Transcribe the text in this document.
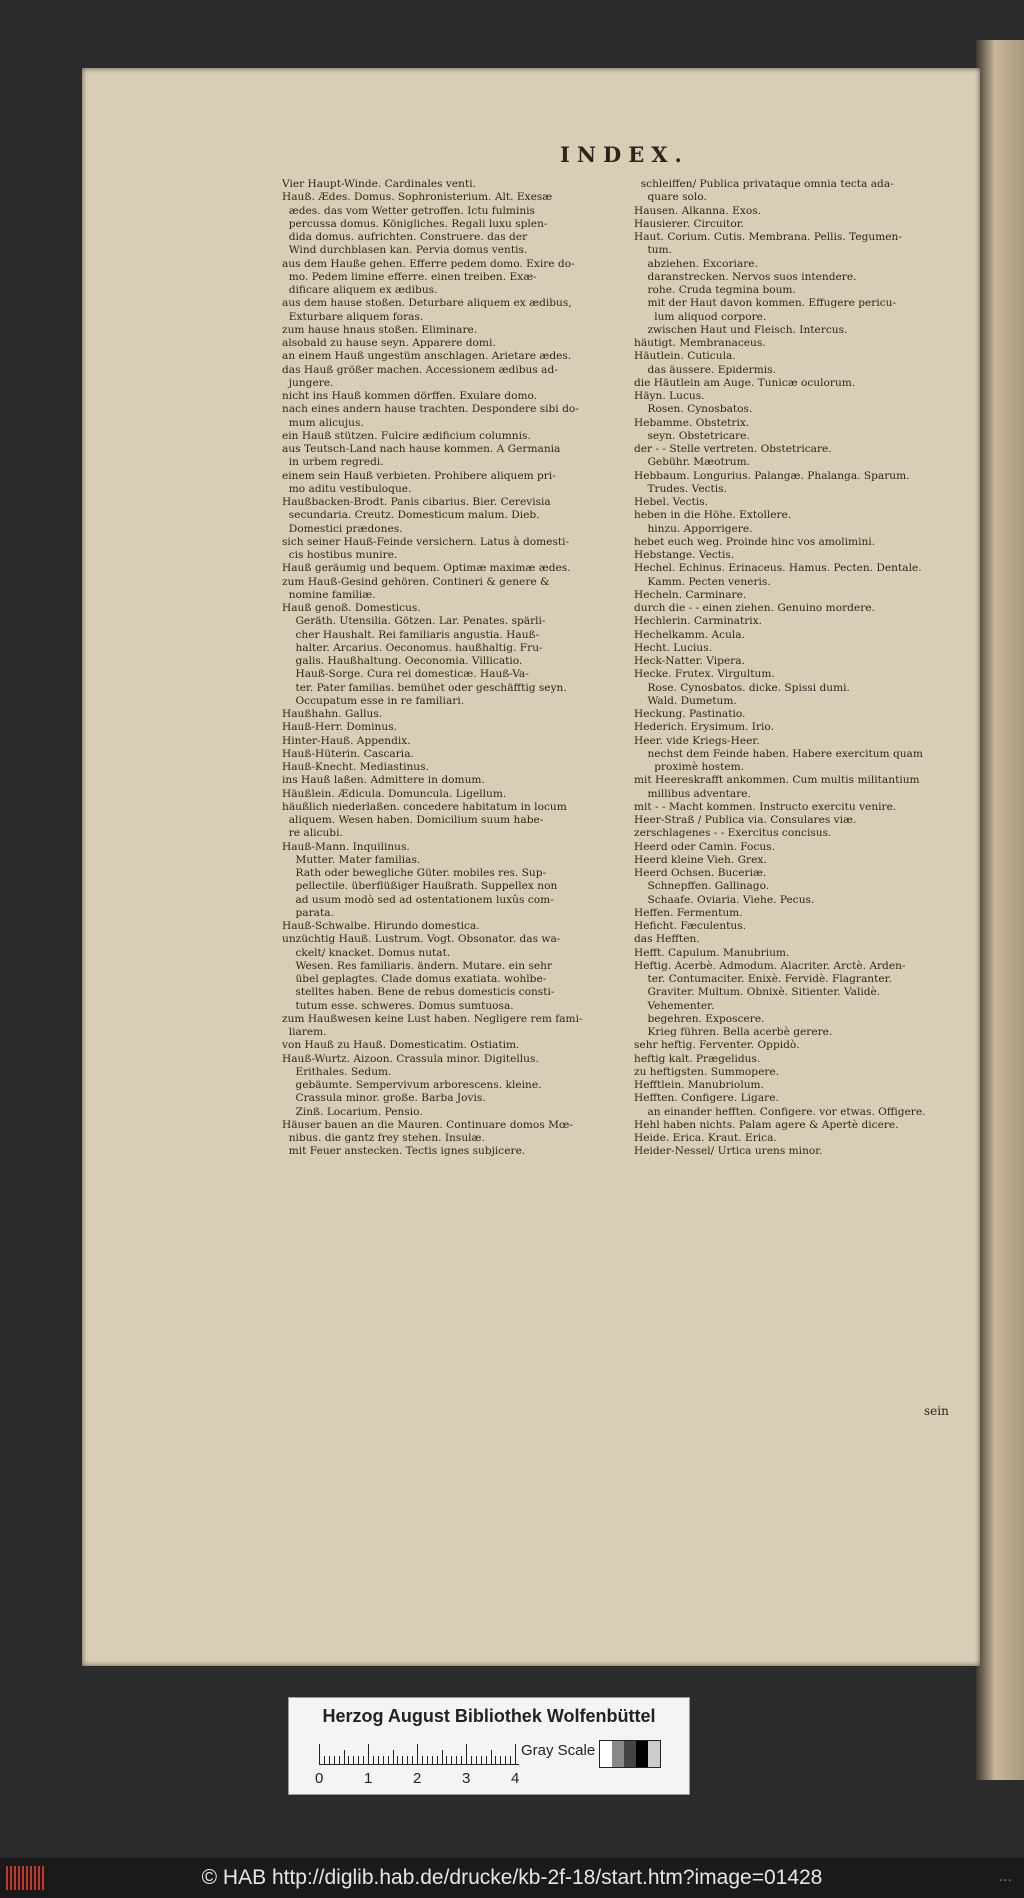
INDEX.
Vier Haupt-Winde. Cardinales venti.
Hauß. Ædes. Domus. Sophronisterium. Alt. Exesæ
ædes. das vom Wetter getroffen. Ictu fulminis
percussa domus. Königliches. Regali luxu splen-
dida domus. aufrichten. Construere. das der
Wind durchblasen kan. Pervia domus ventis.
aus dem Hauße gehen. Efferre pedem domo. Exire do-
mo. Pedem limine efferre. einen treiben. Exæ-
dificare aliquem ex ædibus.
aus dem hause stoßen. Deturbare aliquem ex ædibus,
Exturbare aliquem foras.
zum hause hnaus stoßen. Eliminare.
alsobald zu hause seyn. Apparere domi.
an einem Hauß ungestüm anschlagen. Arietare ædes.
das Hauß größer machen. Accessionem ædibus ad-
jungere.
nicht ins Hauß kommen dörffen. Exulare domo.
nach eines andern hause trachten. Despondere sibi do-
mum alicujus.
ein Hauß stützen. Fulcire ædificium columnis.
aus Teutsch-Land nach hause kommen. A Germania
in urbem regredi.
einem sein Hauß verbieten. Prohibere aliquem pri-
mo aditu vestibuloque.
Haußbacken-Brodt. Panis cibarius. Bier. Cerevisia
secundaria. Creutz. Domesticum malum. Dieb.
Domestici prædones.
sich seiner Hauß-Feinde versichern. Latus à domesti-
cis hostibus munire.
Hauß geräumig und bequem. Optimæ maximæ ædes.
zum Hauß-Gesind gehören. Contineri & genere &
nomine familiæ.
Hauß genoß. Domesticus.
Geräth. Utensilia. Götzen. Lar. Penates. spärli-
cher Haushalt. Rei familiaris angustia. Hauß-
halter. Arcarius. Oeconomus. haußhaltig. Fru-
galis. Haußhaltung. Oeconomia. Villicatio.
Hauß-Sorge. Cura rei domesticæ. Hauß-Va-
ter. Pater familias. bemühet oder geschäfftig seyn.
Occupatum esse in re familiari.
Haußhahn. Gallus.
Hauß-Herr. Dominus.
Hinter-Hauß. Appendix.
Hauß-Hüterin. Cascaria.
Hauß-Knecht. Mediastinus.
ins Hauß laßen. Admittere in domum.
Häußlein. Ædicula. Domuncula. Ligellum.
häußlich niederlaßen. concedere habitatum in locum
aliquem. Wesen haben. Domicilium suum habe-
re alicubi.
Hauß-Mann. Inquilinus.
Mutter. Mater familias.
Rath oder bewegliche Güter. mobiles res. Sup-
pellectile. überflüßiger Haußrath. Suppellex non
ad usum modò sed ad ostentationem luxûs com-
parata.
Hauß-Schwalbe. Hirundo domestica.
unzüchtig Hauß. Lustrum. Vogt. Obsonator. das wa-
ckelt/ knacket. Domus nutat.
Wesen. Res familiaris. ändern. Mutare. ein sehr
übel geplagtes. Clade domus exatiata. wohlbe-
stelltes haben. Bene de rebus domesticis consti-
tutum esse. schweres. Domus sumtuosa.
zum Haußwesen keine Lust haben. Negligere rem fami-
liarem.
von Hauß zu Hauß. Domesticatim. Ostiatim.
Hauß-Wurtz. Aizoon. Crassula minor. Digitellus.
Erithales. Sedum.
gebäumte. Sempervivum arborescens. kleine.
Crassula minor. große. Barba Jovis.
Zinß. Locarium. Pensio.
Häuser bauen an die Mauren. Continuare domos Mœ-
nibus. die gantz frey stehen. Insulæ.
mit Feuer anstecken. Tectis ignes subjicere.
schleiffen/ Publica privataque omnia tecta ada-
quare solo.
Hausen. Alkanna. Exos.
Hausierer. Circuitor.
Haut. Corium. Cutis. Membrana. Pellis. Tegumen-
tum.
abziehen. Excoriare.
daranstrecken. Nervos suos intendere.
rohe. Cruda tegmina boum.
mit der Haut davon kommen. Effugere pericu-
lum aliquod corpore.
zwischen Haut und Fleisch. Intercus.
häutigt. Membranaceus.
Häutlein. Cuticula.
das äussere. Epidermis.
die Häutlein am Auge. Tunicæ oculorum.
Häyn. Lucus.
Rosen. Cynosbatos.
Hebamme. Obstetrix.
seyn. Obstetricare.
der - - Stelle vertreten. Obstetricare.
Gebühr. Mæotrum.
Hebbaum. Longurius. Palangæ. Phalanga. Sparum.
Trudes. Vectis.
Hebel. Vectis.
heben in die Höhe. Extollere.
hinzu. Apporrigere.
hebet euch weg. Proinde hinc vos amolimini.
Hebstange. Vectis.
Hechel. Echinus. Erinaceus. Hamus. Pecten. Dentale.
Kamm. Pecten veneris.
Hecheln. Carminare.
durch die - - einen ziehen. Genuino mordere.
Hechlerin. Carminatrix.
Hechelkamm. Acula.
Hecht. Lucius.
Heck-Natter. Vipera.
Hecke. Frutex. Virgultum.
Rose. Cynosbatos. dicke. Spissi dumi.
Wald. Dumetum.
Heckung. Pastinatio.
Hederich. Erysimum. Irio.
Heer. vide Kriegs-Heer.
nechst dem Feinde haben. Habere exercitum quam
proximè hostem.
mit Heereskrafft ankommen. Cum multis militantium
millibus adventare.
mit - - Macht kommen. Instructo exercitu venire.
Heer-Straß / Publica via. Consulares viæ.
zerschlagenes - - Exercitus concisus.
Heerd oder Camin. Focus.
Heerd kleine Vieh. Grex.
Heerd Ochsen. Buceriæ.
Schnepffen. Gallinago.
Schaafe. Oviaria. Viehe. Pecus.
Heffen. Fermentum.
Heficht. Fæculentus.
das Hefften.
Hefft. Capulum. Manubrium.
Heftig. Acerbè. Admodum. Alacriter. Arctè. Arden-
ter. Contumaciter. Enixè. Fervidè. Flagranter.
Graviter. Multum. Obnixè. Sitienter. Validè.
Vehementer.
begehren. Exposcere.
Krieg führen. Bella acerbè gerere.
sehr heftig. Ferventer. Oppidò.
heftig kalt. Prægelidus.
zu heftigsten. Summopere.
Hefftlein. Manubriolum.
Hefften. Configere. Ligare.
an einander hefften. Configere. vor etwas. Offigere.
Hehl haben nichts. Palam agere & Apertè dicere.
Heide. Erica. Kraut. Erica.
Heider-Nessel/ Urtica urens minor.
sein
Herzog August Bibliothek Wolfenbüttel
0	1	2	3	4
Gray Scale
© HAB http://diglib.hab.de/drucke/kb-2f-18/start.htm?image=01428	...
